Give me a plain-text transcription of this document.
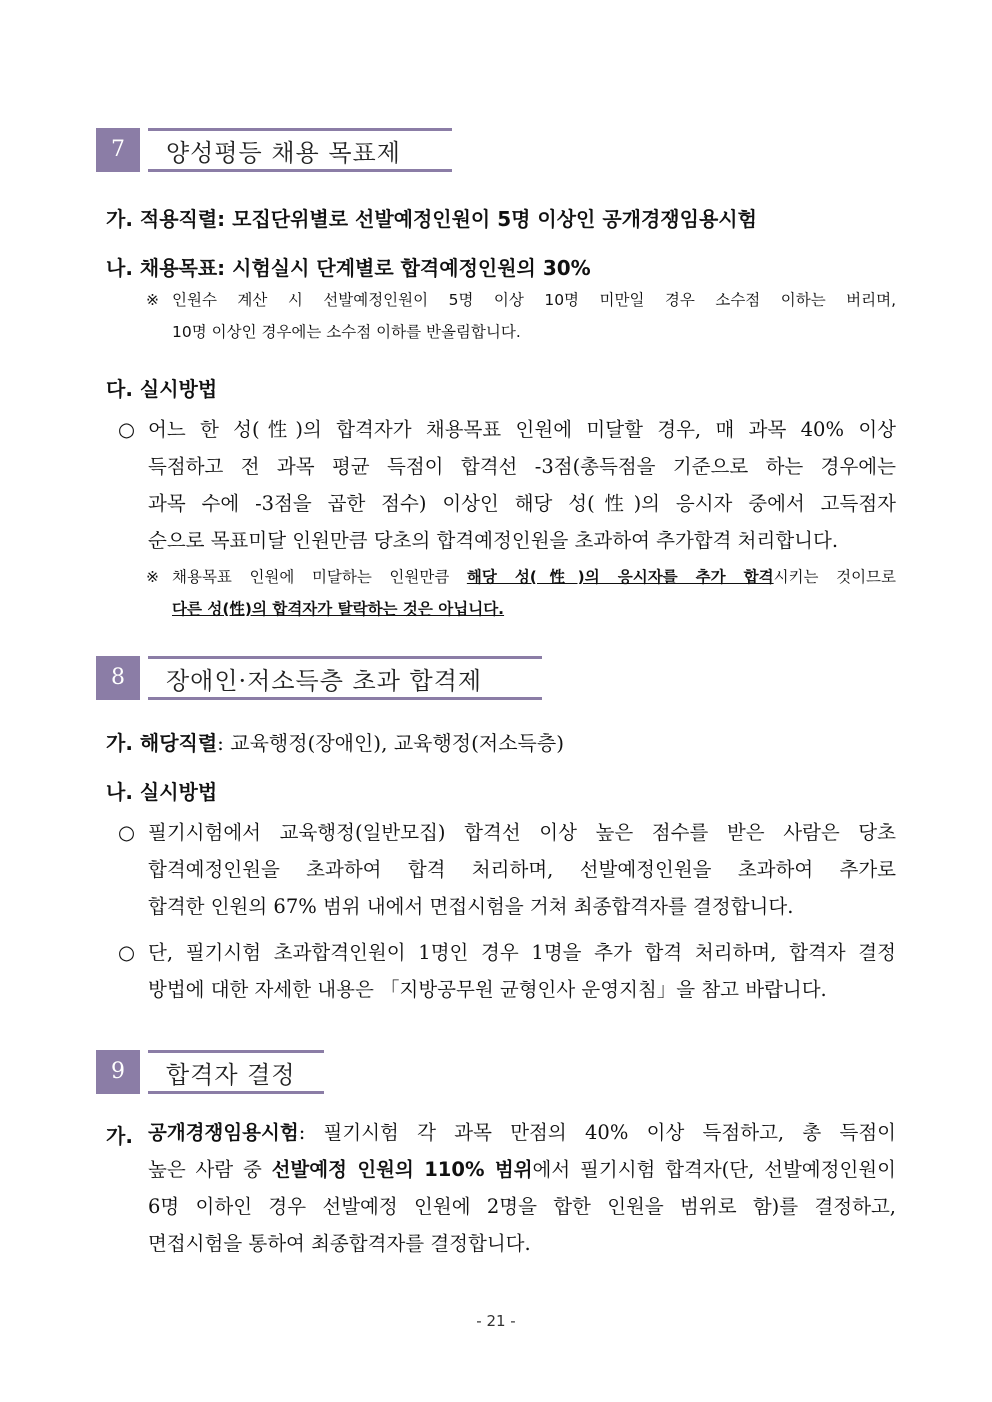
7	양성평등 채용 목표제
가. 적용직렬: 모집단위별로 선발예정인원이 5명 이상인 공개경쟁임용시험
나. 채용목표: 시험실시 단계별로 합격예정인원의 30%
※ 인원수 계산 시 선발예정인원이 5명 이상 10명 미만일 경우 소수점 이하는 버리며,
10명 이상인 경우에는 소수점 이하를 반올림합니다.
다. 실시방법
○ 어느 한 성(性)의 합격자가 채용목표 인원에 미달할 경우, 매 과목 40% 이상
득점하고 전 과목 평균 득점이 합격선 -3점(총득점을 기준으로 하는 경우에는
과목 수에 -3점을 곱한 점수) 이상인 해당 성(性)의 응시자 중에서 고득점자
순으로 목표미달 인원만큼 당초의 합격예정인원을 초과하여 추가합격 처리합니다.
※ 채용목표 인원에 미달하는 인원만큼 해당 성(性)의 응시자를 추가 합격시키는 것이므로
다른 성(性)의 합격자가 탈락하는 것은 아닙니다.
8	장애인·저소득층 초과 합격제
가. 해당직렬: 교육행정(장애인), 교육행정(저소득층)
나. 실시방법
○ 필기시험에서 교육행정(일반모집) 합격선 이상 높은 점수를 받은 사람은 당초
합격예정인원을 초과하여 합격 처리하며, 선발예정인원을 초과하여 추가로
합격한 인원의 67% 범위 내에서 면접시험을 거쳐 최종합격자를 결정합니다.
○ 단, 필기시험 초과합격인원이 1명인 경우 1명을 추가 합격 처리하며, 합격자 결정
방법에 대한 자세한 내용은 「지방공무원 균형인사 운영지침」을 참고 바랍니다.
9	합격자 결정
가. 공개경쟁임용시험: 필기시험 각 과목 만점의 40% 이상 득점하고, 총 득점이
높은 사람 중 선발예정 인원의 110% 범위에서 필기시험 합격자(단, 선발예정인원이
6명 이하인 경우 선발예정 인원에 2명을 합한 인원을 범위로 함)를 결정하고,
면접시험을 통하여 최종합격자를 결정합니다.
- 21 -
